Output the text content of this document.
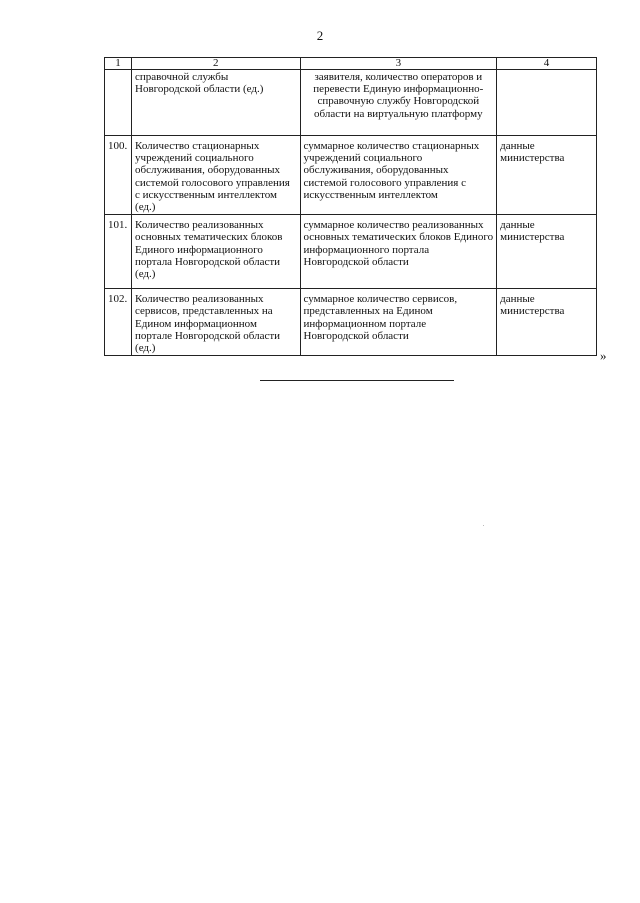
2
1	2	3	4
	справочной службы Новгородской области (ед.)	заявителя, количество операторов и перевести Единую информационно-справочную службу Новгородской области на виртуальную платформу	
100.	Количество стационарных учреждений социального обслуживания, оборудованных системой голосового управления с искусственным интеллектом (ед.)	суммарное количество стационарных учреждений социального обслуживания, оборудованных системой голосового управления с искусственным интеллектом	данные министерства
101.	Количество реализованных основных тематических блоков Единого информационного портала Новгородской области (ед.)	суммарное количество реализованных основных тематических блоков Единого информационного портала Новгородской области	данные министерства
102.	Количество реализованных сервисов, представленных на Едином информационном портале Новгородской области (ед.)	суммарное количество сервисов, представленных на Едином информационном портале Новгородской области	данные министерства
»
